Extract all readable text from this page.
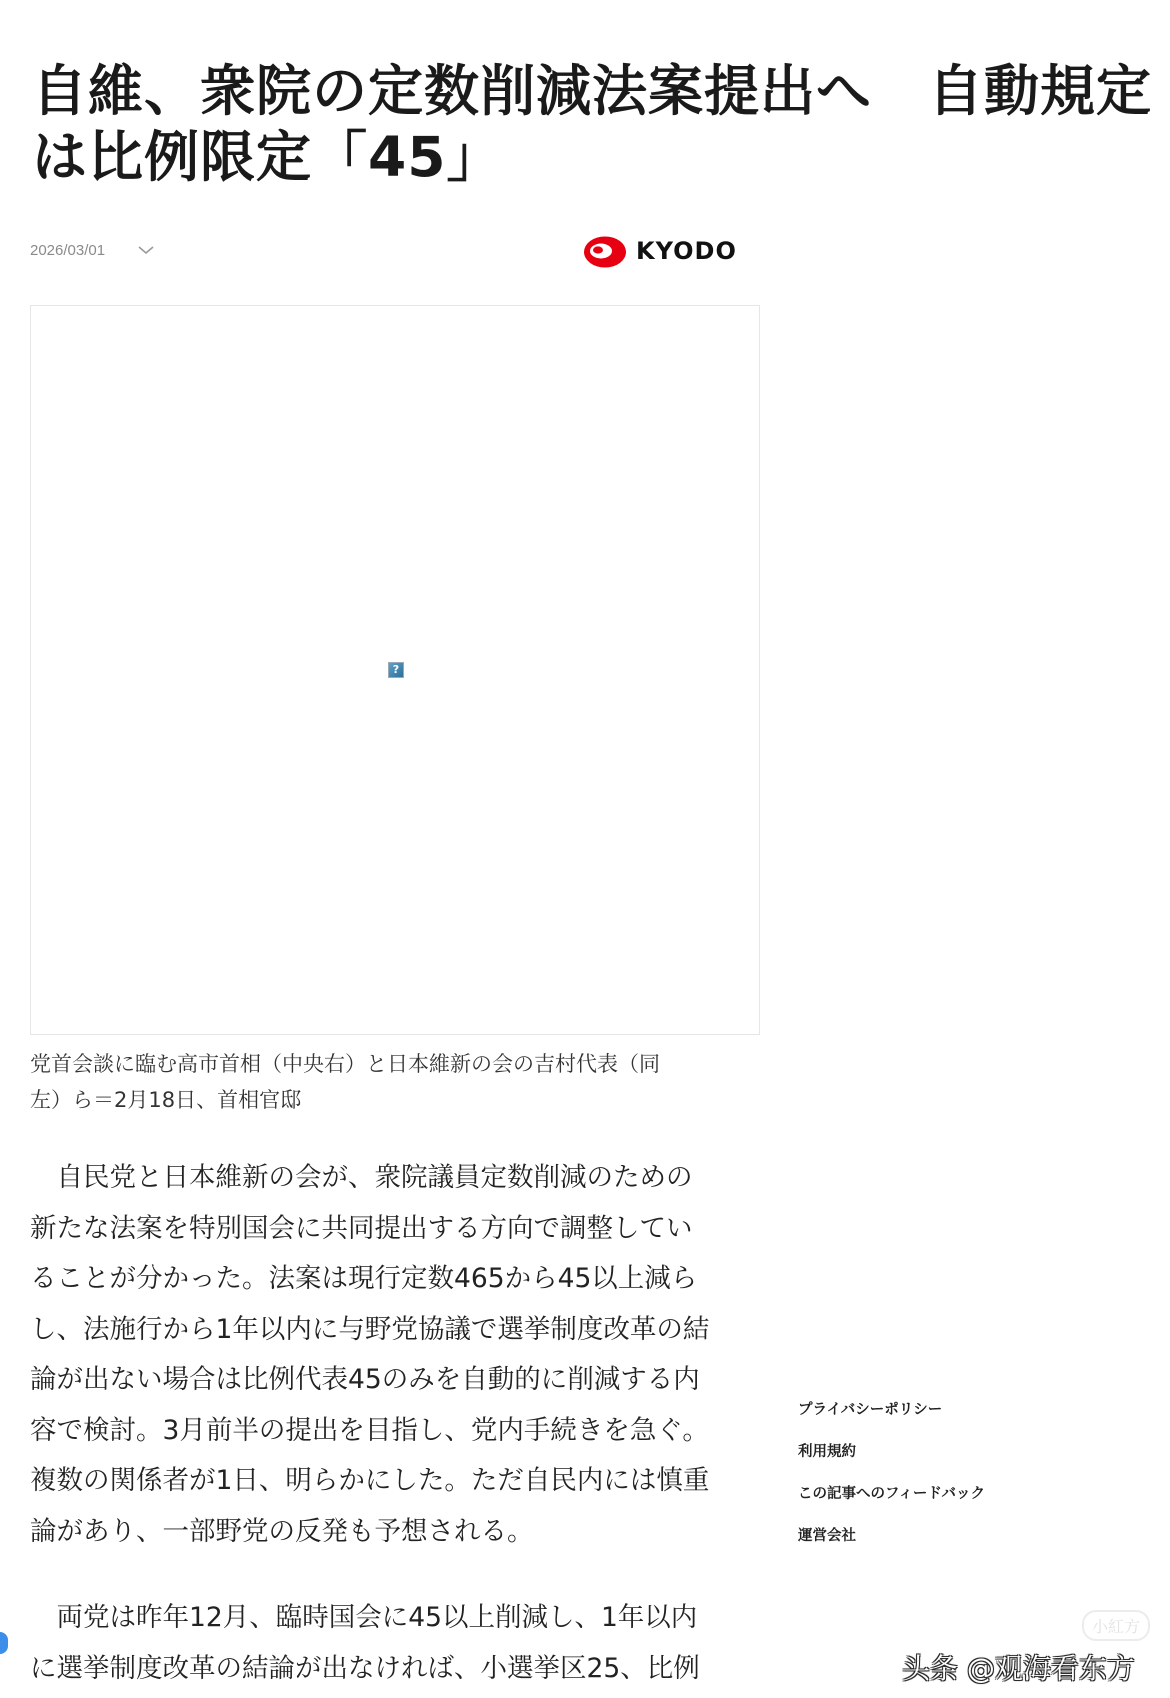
自維、衆院の定数削減法案提出へ　自動規定
は比例限定「45」
2026/03/01	KYODO
?

党首会談に臨む高市首相（中央右）と日本維新の会の吉村代表（同
左）ら＝2月18日、首相官邸

　自民党と日本維新の会が、衆院議員定数削減のための
新たな法案を特別国会に共同提出する方向で調整してい
ることが分かった。法案は現行定数465から45以上減ら
し、法施行から1年以内に与野党協議で選挙制度改革の結
論が出ない場合は比例代表45のみを自動的に削減する内
容で検討。3月前半の提出を目指し、党内手続きを急ぐ。
複数の関係者が1日、明らかにした。ただ自民内には慎重
論があり、一部野党の反発も予想される。

　両党は昨年12月、臨時国会に45以上削減し、1年以内
に選挙制度改革の結論が出なければ、小選挙区25、比例

プライバシーポリシー
利用規約
この記事へのフィードバック
運営会社
小紅方
头条 @观海看东方
